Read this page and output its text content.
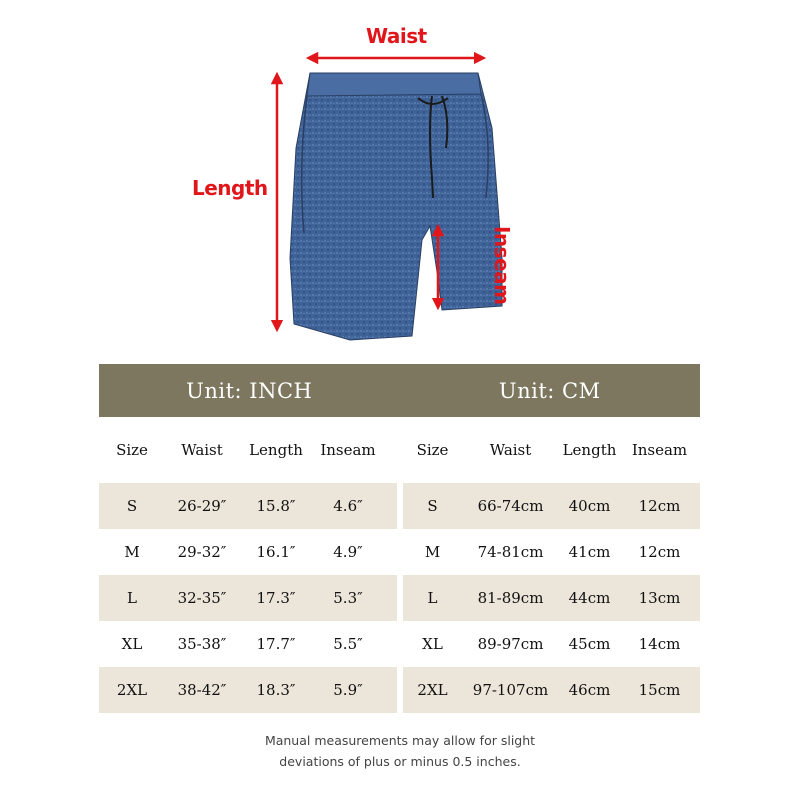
Waist
Length
Inseam
Unit: INCH	Unit: CM
Size	Waist	Length	Inseam
S	26-29″	15.8″	4.6″
M	29-32″	16.1″	4.9″
L	32-35″	17.3″	5.3″
XL	35-38″	17.7″	5.5″
2XL	38-42″	18.3″	5.9″
Size	Waist	Length	Inseam
S	66-74cm	40cm	12cm
M	74-81cm	41cm	12cm
L	81-89cm	44cm	13cm
XL	89-97cm	45cm	14cm
2XL	97-107cm	46cm	15cm
Manual measurements may allow for slight
deviations of plus or minus 0.5 inches.
